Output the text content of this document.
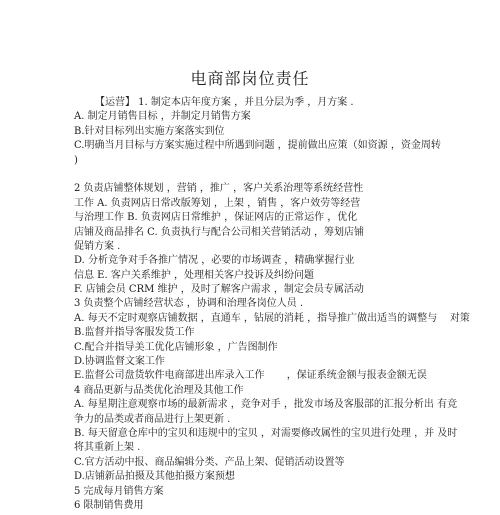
电商部岗位责任
【运营】 1. 制定本店年度方案 ，并且分层为季 ，月方案 .
A. 制定月销售目标 ，并制定月销售方案
B.针对目标列出实施方案落实到位
C.明确当月目标与方案实施过程中所遇到问题 ，提前做出应策（如资源 ，资金周转
)
2 负责店铺整体规划 ，营销 ，推广 ，客户关系治理等系统经营性
工作 A. 负责网店日常改版筹划 ，上架 ，销售 ，客户效劳等经营
与治理工作 B. 负责网店日常维护 ，保证网店的正常运作 ，优化
店铺及商品排名 C. 负责执行与配合公司相关营销活动 ，筹划店铺
促销方案 .
D. 分析竞争对手各推广情况 ，必要的市场调查 ，精确掌握行业
信息 E. 客户关系维护 ，处理相关客户投诉及纠纷问题
F. 店铺会员 CRM 维护 ，及时了解客户需求 ，制定会员专属活动
3 负责整个店铺经营状态 ，协调和治理各岗位人员 .
A. 每天不定时观察店铺数据 ，直通车 ，钻展的消耗 ，指导推广做出适当的调整与    对策
B.监督并指导客服发货工作
C.配合并指导美工优化店铺形象 ，广告图制作
D.协调监督文案工作
E.监督公司盘货软件电商部进出库录入工作       ，保证系统金额与报表金额无误
4 商品更新与品类优化治理及其他工作
A. 每星期注意观察市场的最新需求 ，竞争对手 ，批发市场及客服部的汇报分析出 有竞
争力的品类或者商品进行上架更新 .
B. 每天留意仓库中的宝贝和违规中的宝贝 ，对需要修改属性的宝贝进行处理 ，并 及时
将其重新上架 .
C.官方活动中报、商品编辑分类、产品上架、促销活动设置等
D.店铺新品拍摄及其他拍摄方案预想
5 完成每月销售方案
6 限制销售费用
